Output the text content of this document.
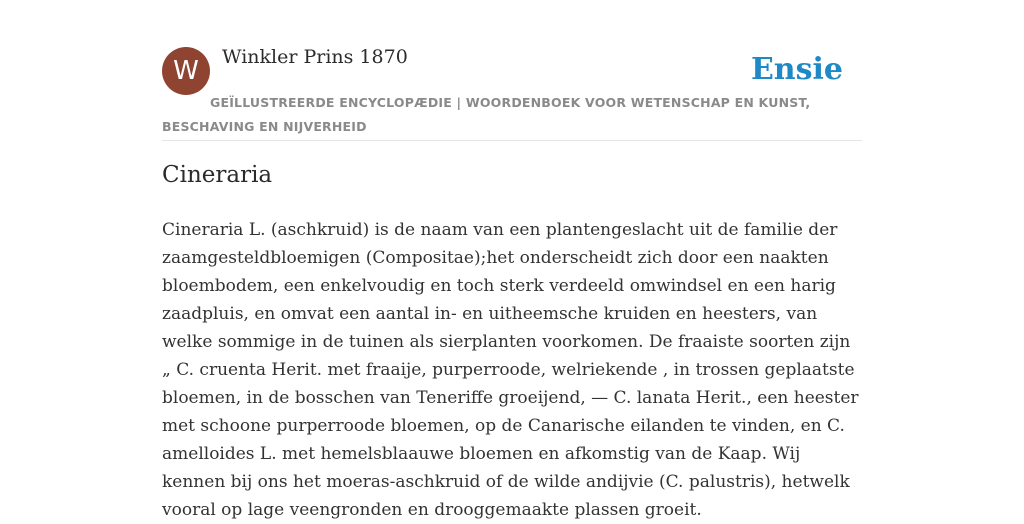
W	Winkler Prins 1870	Ensie
GEÏLLUSTREERDE ENCYCLOPÆDIE | WOORDENBOEK VOOR WETENSCHAP EN KUNST, BESCHAVING EN NIJVERHEID
Cineraria

Cineraria L. (aschkruid) is de naam van een plantengeslacht uit de familie der zaamgesteldbloemigen (Compositae);het onderscheidt zich door een naakten bloembodem, een enkelvoudig en toch sterk verdeeld omwindsel en een harig zaadpluis, en omvat een aantal in- en uitheemsche kruiden en heesters, van welke sommige in de tuinen als sierplanten voorkomen. De fraaiste soorten zijn „ C. cruenta Herit. met fraaije, purperroode, welriekende , in trossen geplaatste bloemen, in de bosschen van Teneriffe groeijend, — C. lanata Herit., een heester met schoone purperroode bloemen, op de Canarische eilanden te vinden, en C. amelloides L. met hemelsblaauwe bloemen en afkomstig van de Kaap. Wij kennen bij ons het moeras-aschkruid of de wilde andijvie (C. palustris), hetwelk vooral op lage veengronden en drooggemaakte plassen groeit.
